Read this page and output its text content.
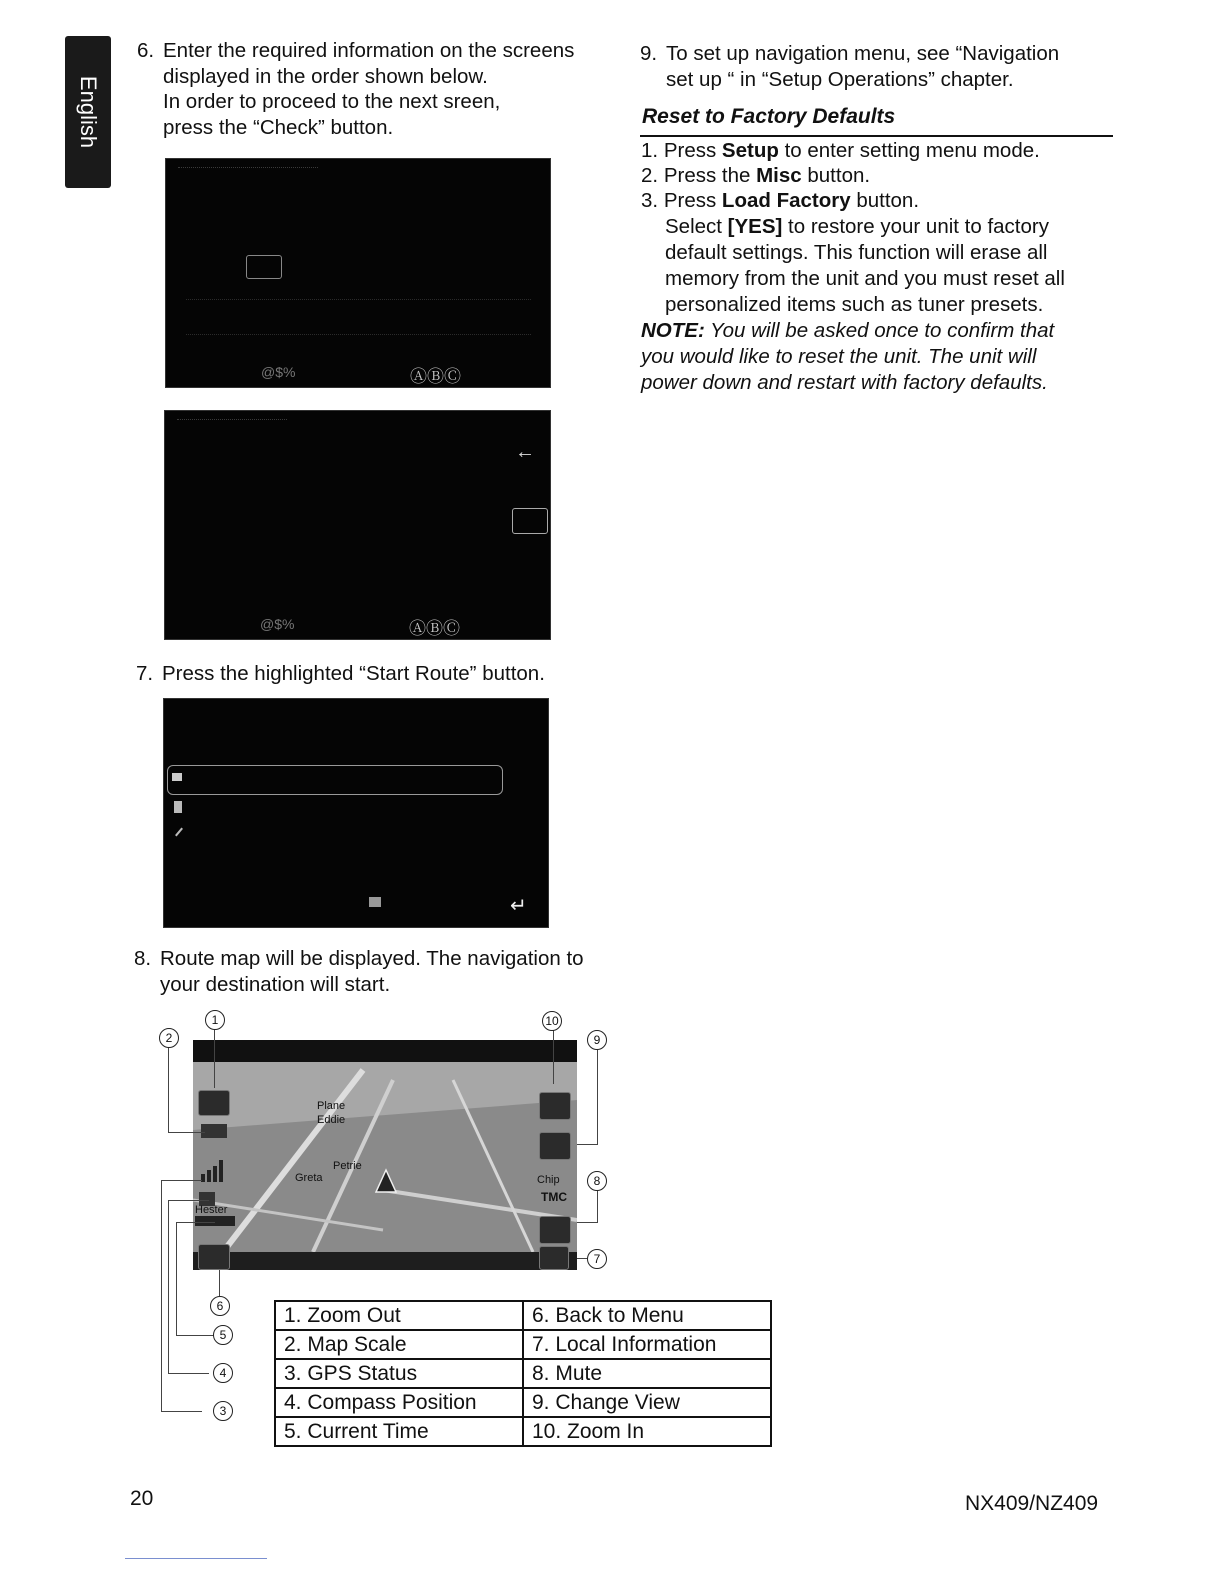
English
6. Enter the required information on the screens
displayed in the order shown below.
In order to proceed to the next sreen,
press the “Check” button.
@$%	ⒶⒷⒸ
←
@$%	ⒶⒷⒸ
7. Press the highlighted “Start Route” button.
↵
8. Route map will be displayed. The navigation to
your destination will start.
TMC
Plane
Eddie
Petrie
Greta	Chip
Hester
1
2
3
4
5
6
7
8
9
10
1. Zoom Out	6. Back to Menu
2. Map Scale	7. Local Information
3. GPS Status	8. Mute
4. Compass Position	9. Change View
5. Current Time	10. Zoom In
9. To set up navigation menu, see “Navigation
set up “ in “Setup Operations” chapter.
Reset to Factory Defaults
1. Press Setup to enter setting menu mode.
2. Press the Misc button.
3. Press Load Factory button.
Select [YES] to restore your unit to factory
default settings. This function will erase all
memory from the unit and you must reset all
personalized items such as tuner presets.
NOTE: You will be asked once to confirm that
you would like to reset the unit. The unit will
power down and restart with factory defaults.
20	NX409/NZ409
